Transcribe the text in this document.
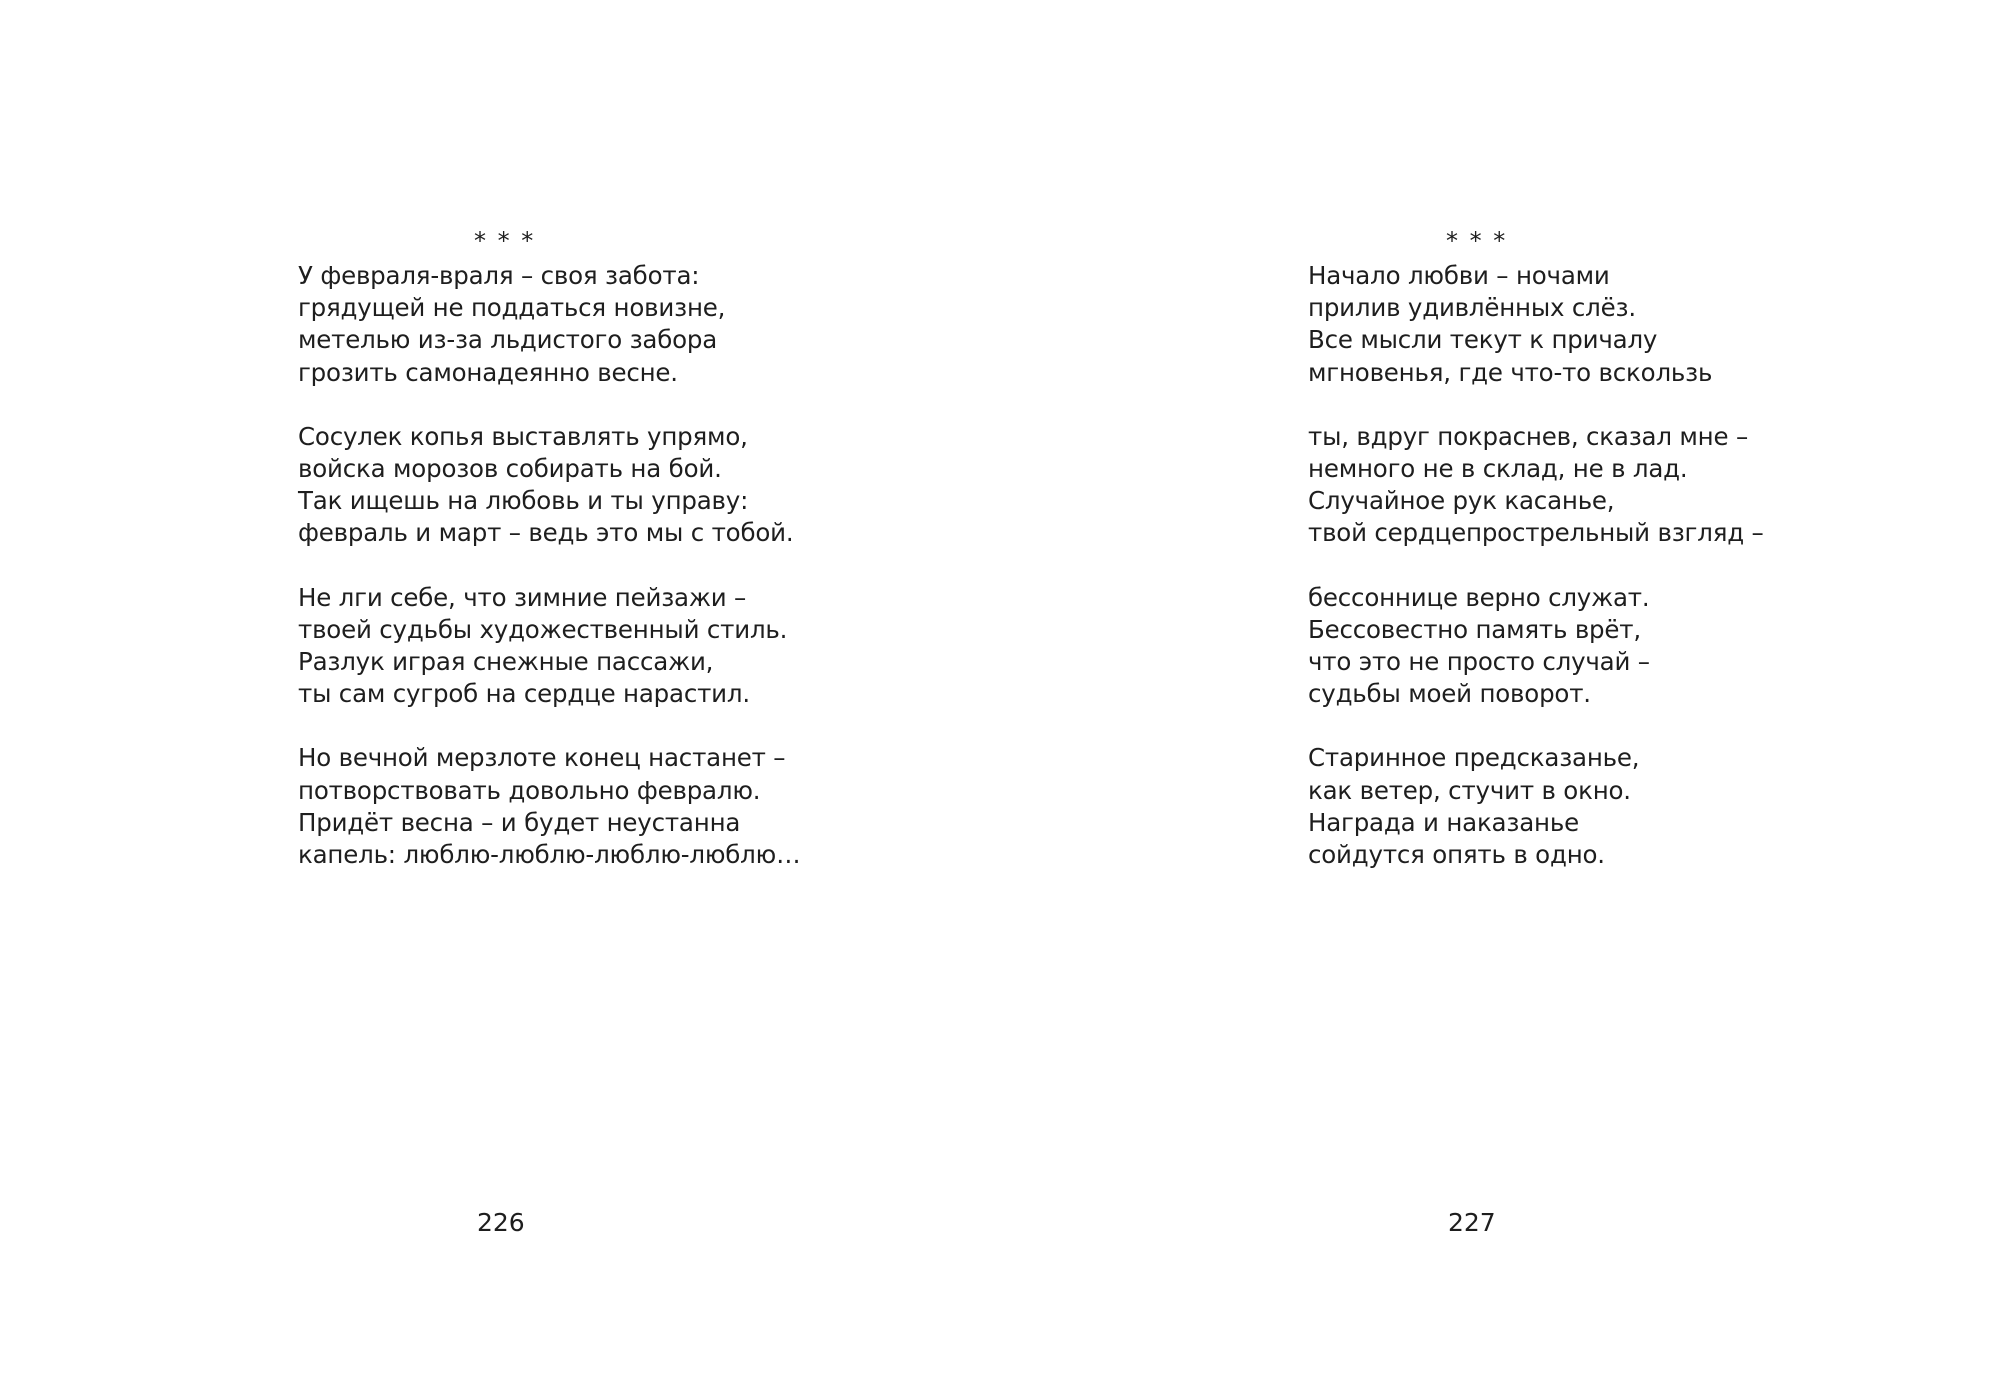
* * *
У февраля-враля – своя забота:
грядущей не поддаться новизне,
метелью из-за льдистого забора
грозить самонадеянно весне.
Сосулек копья выставлять упрямо,
войска морозов собирать на бой.
Так ищешь на любовь и ты управу:
февраль и март – ведь это мы с тобой.
Не лги себе, что зимние пейзажи –
твоей судьбы художественный стиль.
Разлук играя снежные пассажи,
ты сам сугроб на сердце нарастил.
Но вечной мерзлоте конец настанет –
потворствовать довольно февралю.
Придёт весна – и будет неустанна
капель: люблю-люблю-люблю-люблю…
226
* * *
Начало любви – ночами
прилив удивлённых слёз.
Все мысли текут к причалу
мгновенья, где что-то вскользь
ты, вдруг покраснев, сказал мне –
немного не в склад, не в лад.
Случайное рук касанье,
твой сердцепрострельный взгляд –
бессоннице верно служат.
Бессовестно память врёт,
что это не просто случай –
судьбы моей поворот.
Старинное предсказанье,
как ветер, стучит в окно.
Награда и наказанье
сойдутся опять в одно.
227
